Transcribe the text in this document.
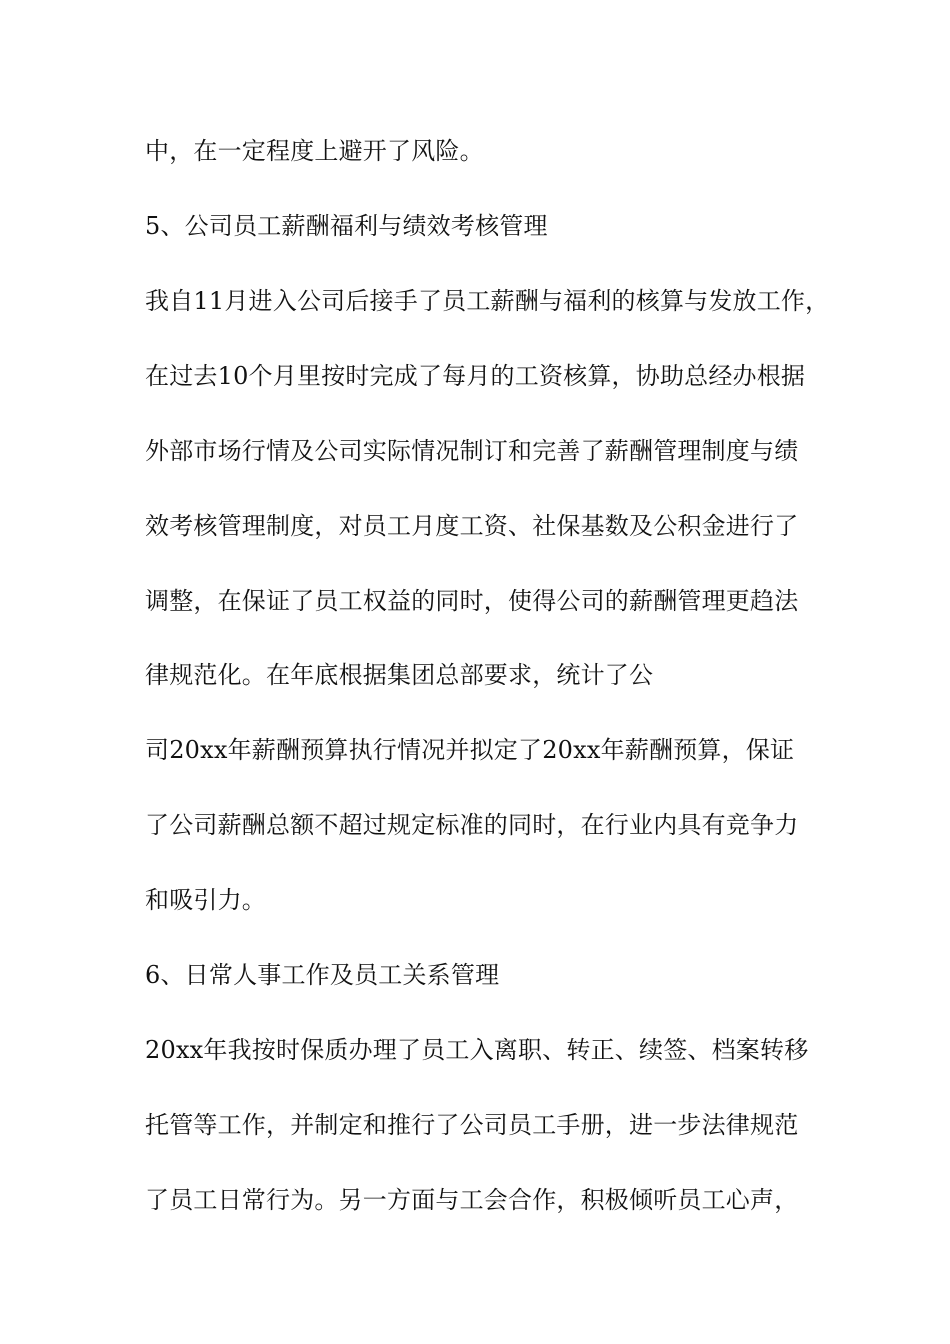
中，在一定程度上避开了风险。
5、公司员工薪酬福利与绩效考核管理
我自11月进入公司后接手了员工薪酬与福利的核算与发放工作，
在过去10个月里按时完成了每月的工资核算，协助总经办根据
外部市场行情及公司实际情况制订和完善了薪酬管理制度与绩
效考核管理制度，对员工月度工资、社保基数及公积金进行了
调整，在保证了员工权益的同时，使得公司的薪酬管理更趋法
律规范化。在年底根据集团总部要求，统计了公
司20xx年薪酬预算执行情况并拟定了20xx年薪酬预算，保证
了公司薪酬总额不超过规定标准的同时，在行业内具有竞争力
和吸引力。
6、日常人事工作及员工关系管理
20xx年我按时保质办理了员工入离职、转正、续签、档案转移
托管等工作，并制定和推行了公司员工手册，进一步法律规范
了员工日常行为。另一方面与工会合作，积极倾听员工心声，
